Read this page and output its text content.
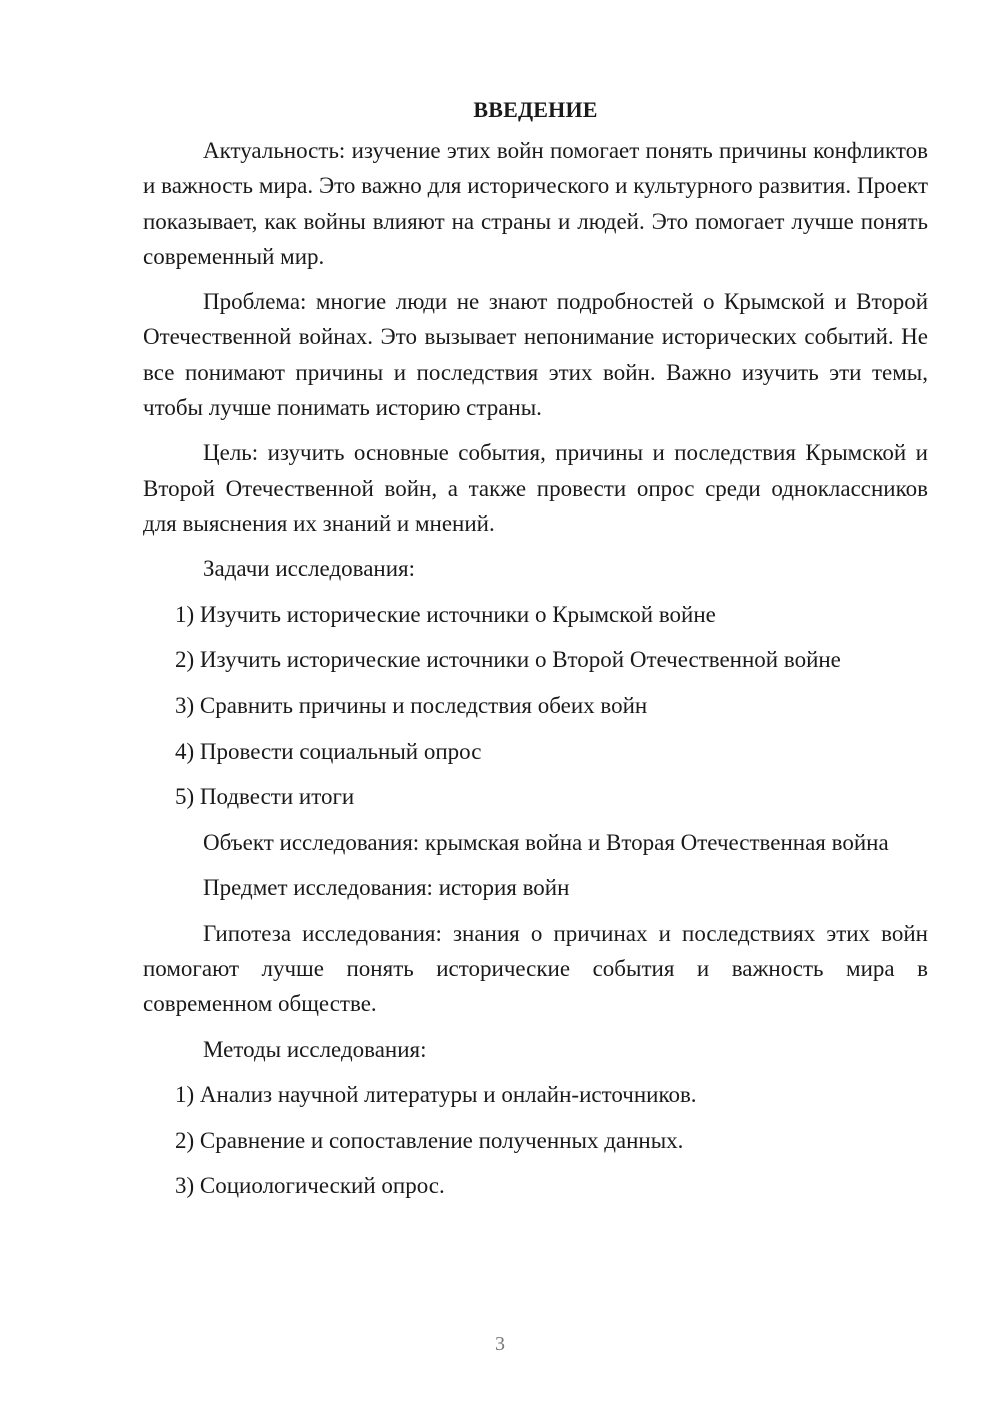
ВВЕДЕНИЕ

Актуальность: изучение этих войн помогает понять причины конфликтов и важность мира. Это важно для исторического и культурного развития. Проект показывает, как войны влияют на страны и людей. Это помогает лучше понять современный мир.

Проблема: многие люди не знают подробностей о Крымской и Второй Отечественной войнах. Это вызывает непонимание исторических событий. Не все понимают причины и последствия этих войн. Важно изучить эти темы, чтобы лучше понимать историю страны.

Цель: изучить основные события, причины и последствия Крымской и Второй Отечественной войн, а также провести опрос среди одноклассников для выяснения их знаний и мнений.

Задачи исследования:
1) Изучить исторические источники о Крымской войне
2) Изучить исторические источники о Второй Отечественной войне
3) Сравнить причины и последствия обеих войн
4) Провести социальный опрос
5) Подвести итоги

Объект исследования: крымская война и Вторая Отечественная война

Предмет исследования: история войн

Гипотеза исследования: знания о причинах и последствиях этих войн помогают лучше понять исторические события и важность мира в современном обществе.

Методы исследования:
1) Анализ научной литературы и онлайн-источников.
2) Сравнение и сопоставление полученных данных.
3) Социологический опрос.
3
